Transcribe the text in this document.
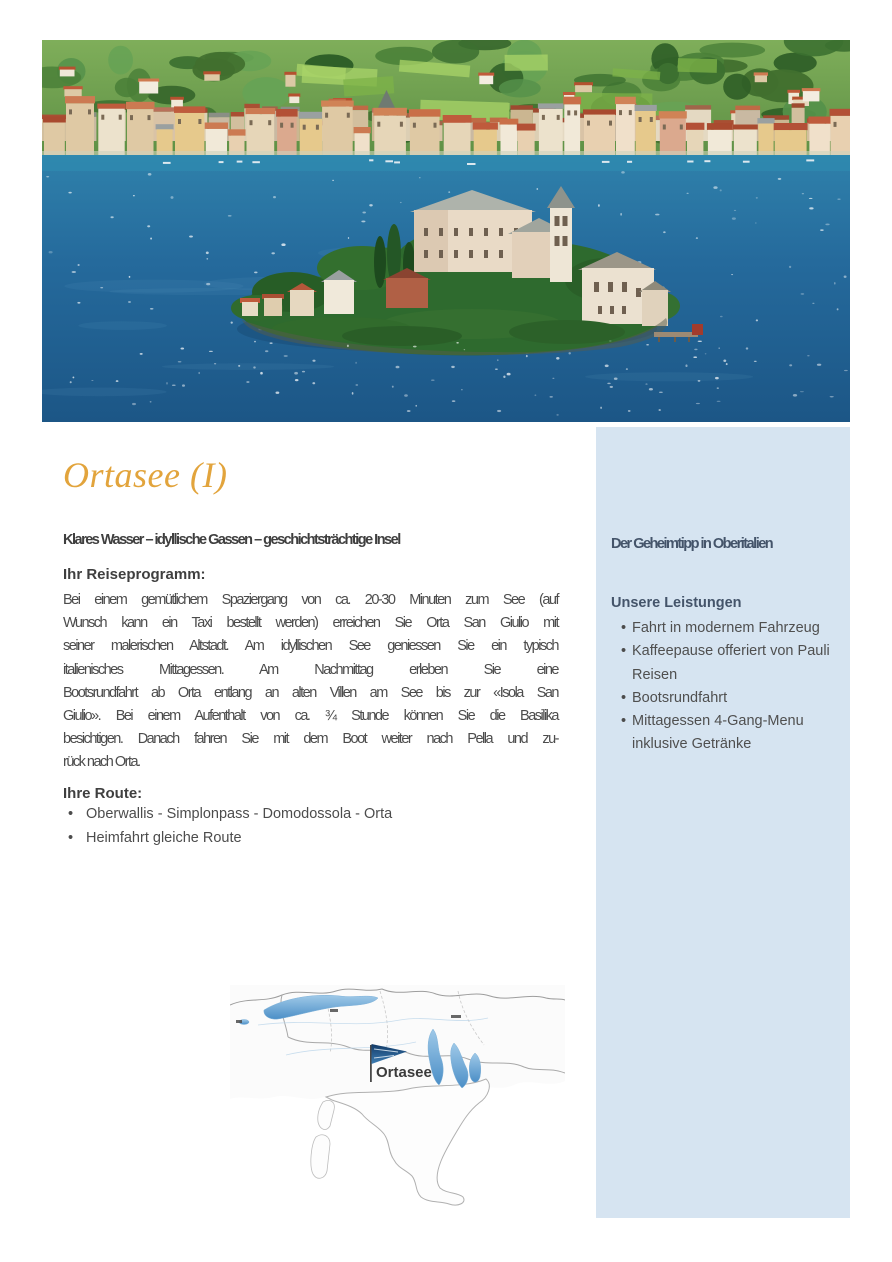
Ortasee (I)
Klares Wasser – idyllische Gassen – geschichtsträchtige Insel
Ihr Reiseprogramm:
Bei einem gemütlichem Spaziergang von ca. 20-30 Minuten zum See (auf
Wunsch kann ein Taxi bestellt werden) erreichen Sie Orta San Giulio mit
seiner malerischen Altstadt. Am idyllischen See geniessen Sie ein typisch
italienisches Mittagessen. Am Nachmittag erleben Sie eine
Bootsrundfahrt ab Orta entlang an alten Villen am See bis zur «Isola San
Giulio». Bei einem Aufenthalt von ca. ¾ Stunde können Sie die Basilika
besichtigen. Danach fahren Sie mit dem Boot weiter nach Pella und zu-
rück nach Orta.
Ihre Route:
• Oberwallis - Simplonpass - Domodossola - Orta
• Heimfahrt gleiche Route
Der Geheimtipp in Oberitalien
Unsere Leistungen
• Fahrt in modernem Fahrzeug
• Kaffeepause offeriert von Pauli Reisen
• Bootsrundfahrt
• Mittagessen 4-Gang-Menu inklusive Getränke
Ortasee
